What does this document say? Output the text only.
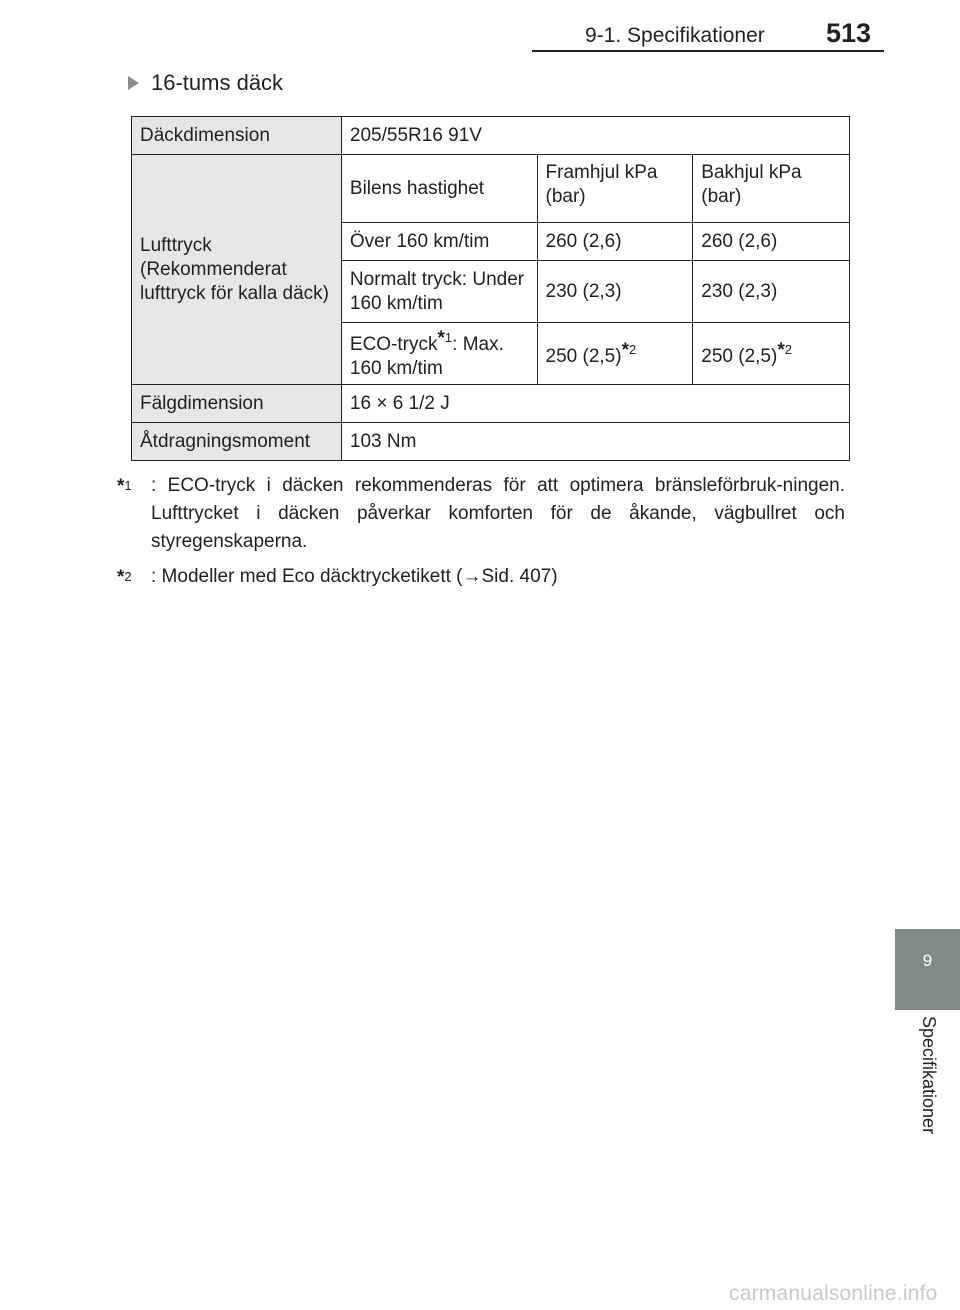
9-1. Specifikationer 513
16-tums däck
Däckdimension	205/55R16 91V		
Lufttryck (Rekommenderat lufttryck för kalla däck)	Bilens hastighet	Framhjul kPa (bar)	Bakhjul kPa (bar)
	Över 160 km/tim	260 (2,6)	260 (2,6)
	Normalt tryck: Under 160 km/tim	230 (2,3)	230 (2,3)
	ECO-tryck*$^1$: Max. 160 km/tim	250 (2,5)*$^2$	250 (2,5)*$^2$
Fälgdimension	16 × 6 1/2 J		
Åtdragningsmoment	103 Nm		
*$^1$ : ECO-tryck i däcken rekommenderas för att optimera bränsleförbruk-ningen. Lufttrycket i däcken påverkar komforten för de åkande, vägbullret och styregenskaperna.
*$^2$ : Modeller med Eco däcktrycketikett (→Sid. 407)
9
Specifikationer
carmanualsonline.info
